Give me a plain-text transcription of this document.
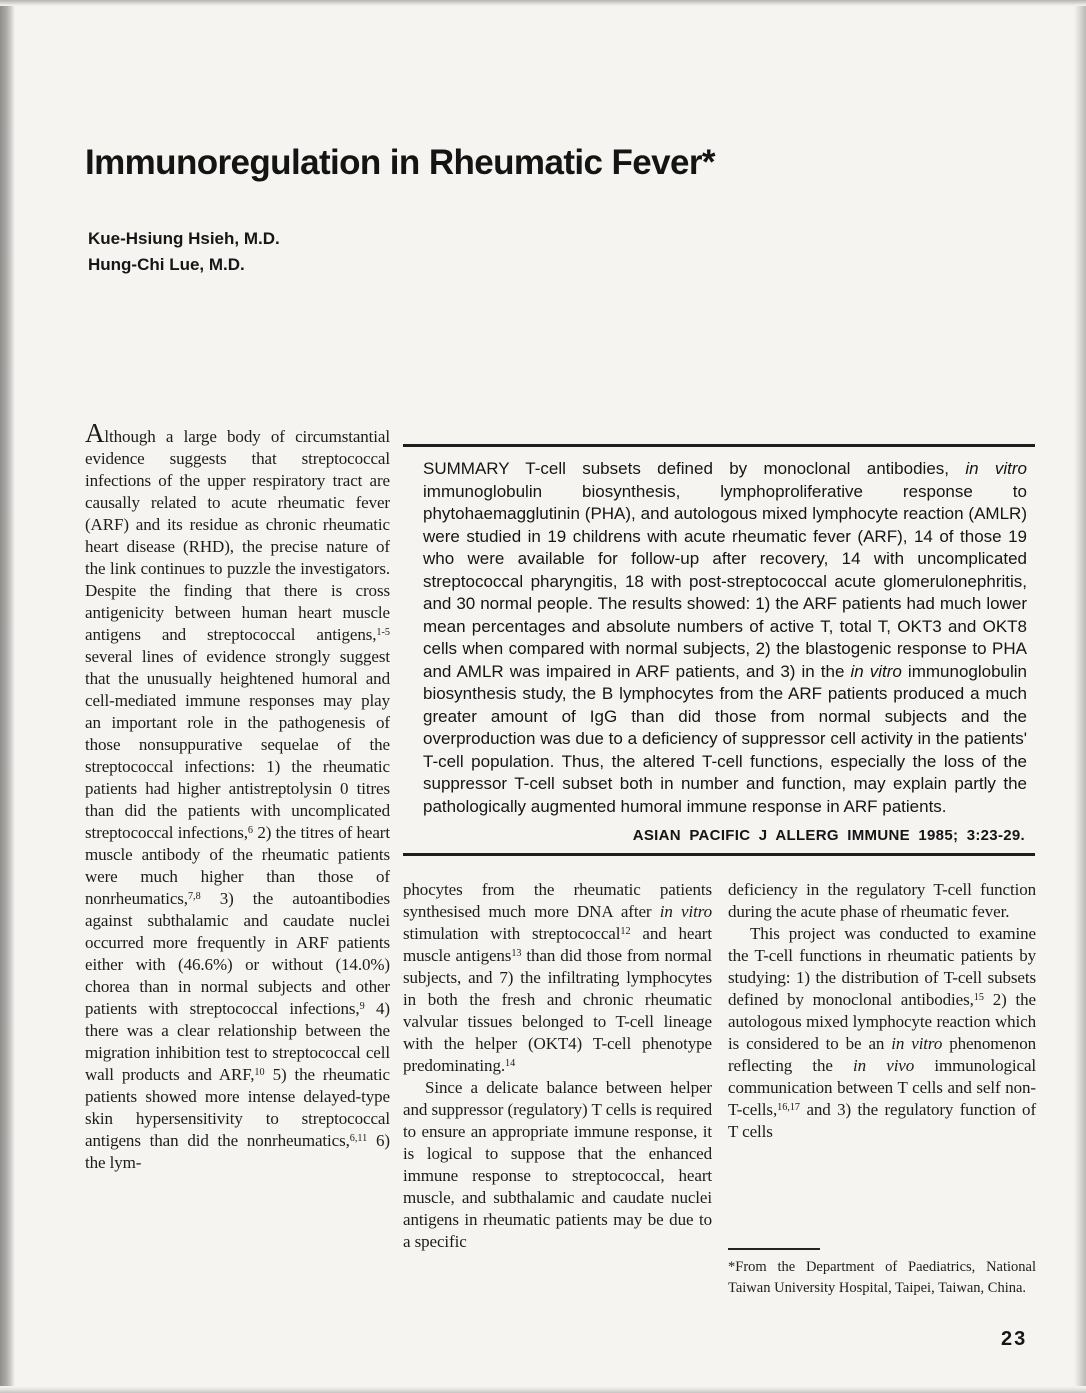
Immunoregulation in Rheumatic Fever*
Kue-Hsiung Hsieh, M.D.
Hung-Chi Lue, M.D.

Although a large body of circumstantial evidence suggests that streptococcal infections of the upper respiratory tract are causally related to acute rheumatic fever (ARF) and its residue as chronic rheumatic heart disease (RHD), the precise nature of the link continues to puzzle the investigators. Despite the finding that there is cross antigenicity between human heart muscle antigens and streptococcal antigens,$^{1-5}$ several lines of evidence strongly suggest that the unusually heightened humoral and cell-mediated immune responses may play an important role in the pathogenesis of those nonsuppurative sequelae of the streptococcal infections: 1) the rheumatic patients had higher antistreptolysin 0 titres than did the patients with uncomplicated streptococcal infections,$^6$ 2) the titres of heart muscle antibody of the rheumatic patients were much higher than those of nonrheumatics,$^{7,8}$ 3) the autoantibodies against subthalamic and caudate nuclei occurred more frequently in ARF patients either with (46.6%) or without (14.0%) chorea than in normal subjects and other patients with streptococcal infections,$^9$ 4) there was a clear relationship between the migration inhibition test to streptococcal cell wall products and ARF,$^{10}$ 5) the rheumatic patients showed more intense delayed-type skin hypersensitivity to streptococcal antigens than did the nonrheumatics,$^{6,11}$ 6) the lym-

SUMMARY T-cell subsets defined by monoclonal antibodies, in vitro immunoglobulin biosynthesis, lymphoproliferative response to phytohaemagglutinin (PHA), and autologous mixed lymphocyte reaction (AMLR) were studied in 19 childrens with acute rheumatic fever (ARF), 14 of those 19 who were available for follow-up after recovery, 14 with uncomplicated streptococcal pharyngitis, 18 with post-streptococcal acute glomerulonephritis, and 30 normal people. The results showed: 1) the ARF patients had much lower mean percentages and absolute numbers of active T, total T, OKT3 and OKT8 cells when compared with normal subjects, 2) the blastogenic response to PHA and AMLR was impaired in ARF patients, and 3) in the in vitro immunoglobulin biosynthesis study, the B lymphocytes from the ARF patients produced a much greater amount of IgG than did those from normal subjects and the overproduction was due to a deficiency of suppressor cell activity in the patients' T-cell population. Thus, the altered T-cell functions, especially the loss of the suppressor T-cell subset both in number and function, may explain partly the pathologically augmented humoral immune response in ARF patients.

ASIAN PACIFIC J ALLERG IMMUNE 1985; 3:23-29.

phocytes from the rheumatic patients synthesised much more DNA after in vitro stimulation with streptococcal$^{12}$ and heart muscle antigens$^{13}$ than did those from normal subjects, and 7) the infiltrating lymphocytes in both the fresh and chronic rheumatic valvular tissues belonged to T-cell lineage with the helper (OKT4) T-cell phenotype predominating.$^{14}$

Since a delicate balance between helper and suppressor (regulatory) T cells is required to ensure an appropriate immune response, it is logical to suppose that the enhanced immune response to streptococcal, heart muscle, and subthalamic and caudate nuclei antigens in rheumatic patients may be due to a specific

deficiency in the regulatory T-cell function during the acute phase of rheumatic fever.

This project was conducted to examine the T-cell functions in rheumatic patients by studying: 1) the distribution of T-cell subsets defined by monoclonal antibodies,$^{15}$ 2) the autologous mixed lymphocyte reaction which is considered to be an in vitro phenomenon reflecting the in vivo immunological communication between T cells and self non-T-cells,$^{16,17}$ and 3) the regulatory function of T cells

*From the Department of Paediatrics, National Taiwan University Hospital, Taipei, Taiwan, China.

23
